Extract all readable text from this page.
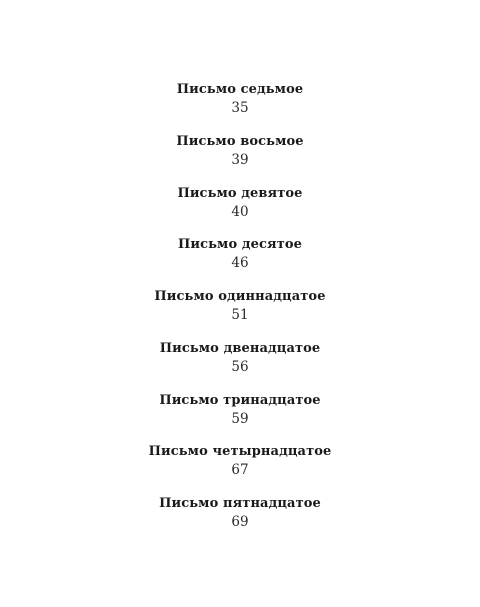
Письмо седьмое
35
Письмо восьмое
39
Письмо девятое
40
Письмо десятое
46
Письмо одиннадцатое
51
Письмо двенадцатое
56
Письмо тринадцатое
59
Письмо четырнадцатое
67
Письмо пятнадцатое
69
